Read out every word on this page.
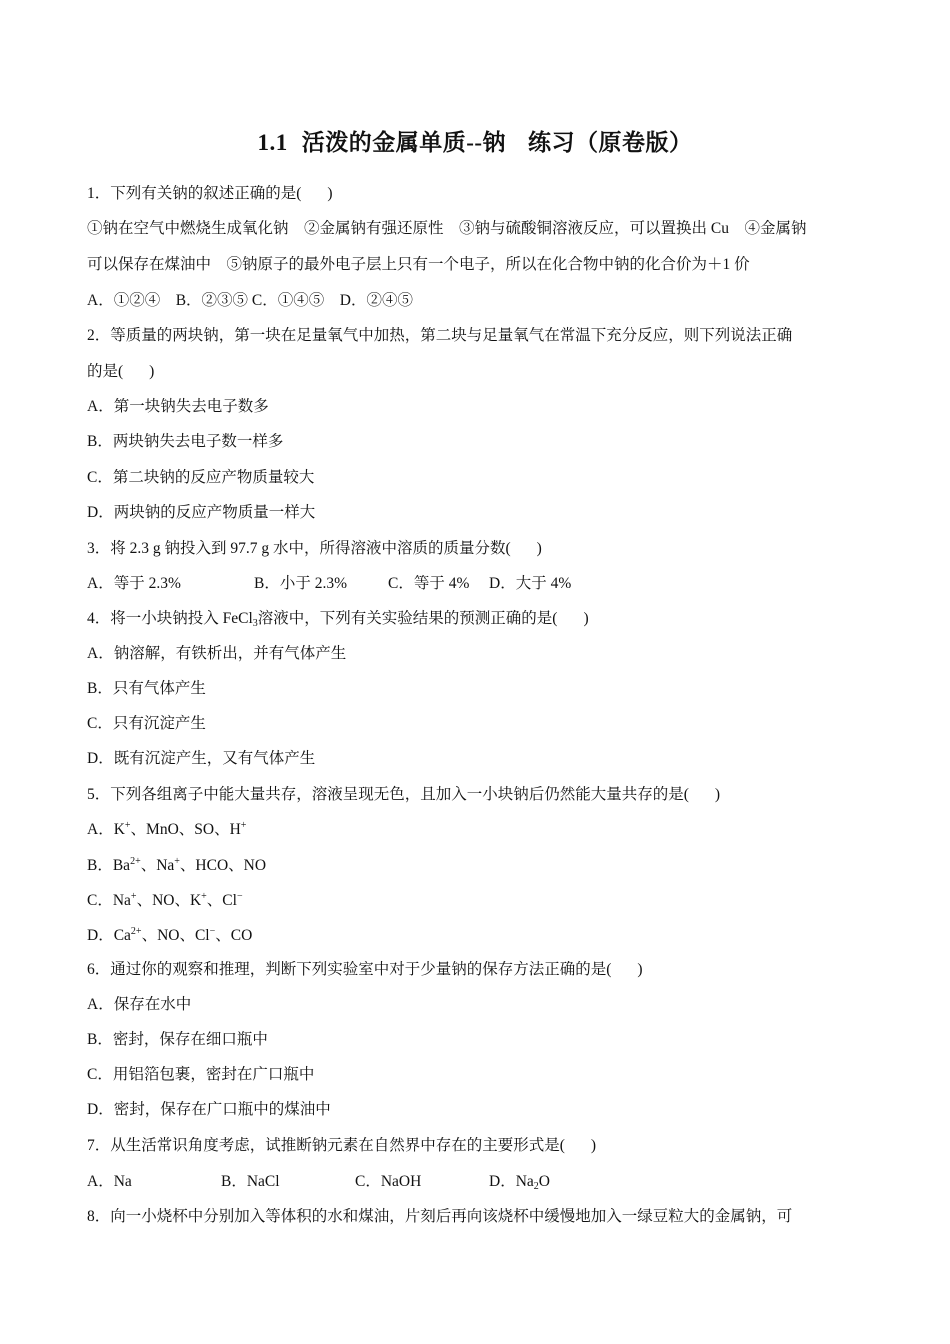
1.1 活泼的金属单质--钠 练习（原卷版）
1．下列有关钠的叙述正确的是( )
①钠在空气中燃烧生成氧化钠　②金属钠有强还原性　③钠与硫酸铜溶液反应，可以置换出 Cu　④金属钠
可以保存在煤油中　⑤钠原子的最外电子层上只有一个电子，所以在化合物中钠的化合价为＋1 价
A．①②④　B．②③⑤ C．①④⑤　D．②④⑤
2．等质量的两块钠，第一块在足量氧气中加热，第二块与足量氧气在常温下充分反应，则下列说法正确
的是( )
A．第一块钠失去电子数多
B．两块钠失去电子数一样多
C．第二块钠的反应产物质量较大
D．两块钠的反应产物质量一样大
3．将 2.3 g 钠投入到 97.7 g 水中，所得溶液中溶质的质量分数( )
A．等于 2.3%	B．小于 2.3%	C．等于 4% D．大于 4%
4．将一小块钠投入 FeCl$_3$溶液中，下列有关实验结果的预测正确的是( )
A．钠溶解，有铁析出，并有气体产生
B．只有气体产生
C．只有沉淀产生
D．既有沉淀产生，又有气体产生
5．下列各组离子中能大量共存，溶液呈现无色，且加入一小块钠后仍然能大量共存的是( )
A．K+、MnO、SO、H+
B．$Ba^{2+}$、Na+、HCO、NO
C．Na+、NO、K+、Cl−
D．$Ca^{2+}$、NO、Cl−、CO
6．通过你的观察和推理，判断下列实验室中对于少量钠的保存方法正确的是( )
A．保存在水中
B．密封，保存在细口瓶中
C．用铝箔包裹，密封在广口瓶中
D．密封，保存在广口瓶中的煤油中
7．从生活常识角度考虑，试推断钠元素在自然界中存在的主要形式是( )
A．Na	B．NaCl	C．NaOH	D．$Na_2O$
8．向一小烧杯中分别加入等体积的水和煤油，片刻后再向该烧杯中缓慢地加入一绿豆粒大的金属钠，可
